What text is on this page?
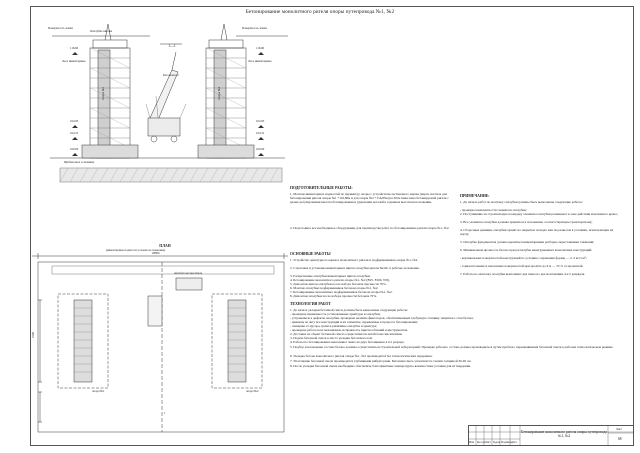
Бетонирование монолитного ригеля опоры путепровода №1, №2
Поверхность земли	Поверхность земли
Опалубка пилона
Леса инвентарные	Леса инвентарные
Бетононасос
1—1
Опора №1	Опора №2
Щебеночное основание
116.60	116.60
104.93	104.93
104.31	104.31
100.00	100.00
ПЛАН
(инвентарные подмости условно не показаны)
Автобетоносмеситель
опора №1	опора №2
1
28000
1000
ПОДГОТОВИТЕЛЬНЫЕ РАБОТЫ:
1. Монтаж инвентарных подмостей по периметру опоры с устройством лестничного марша (марш, настила для бетонирования ригеля опоры №1 +116,60м и для опоры №2 +116,85м (на 30см ниже низа бетонируемой ригеля с целью регулирования высоты бетонирования и удержания деталей в заданном высотном положении.
2. Подготовить все необходимое оборудование для производства работ по бетонированию ригеля опоры №1, №2.
ОСНОВНЫЕ РАБОТЫ
1. Устройство арматурного каркаса монолитного ригеля и подферменников опоры №1, №2.
2. Строповка и установка инвентарных щитов опалубки ригеля 6м КС в рабочее положение.
3. Раскрепление опалубки инвентарных щитов опалубки.
4. Бетонирование монолитного ригеля опоры №1, №2 (В25, F200, W8).
5. Демонтаж щитов опалубки после набора бетоном прочности 70%.
6. Монтаж опалубки подферменников бетоном опоры №1, №2.
7. Бетонирование монолитных подферменников бетоном опоры №1, №2.
8. Демонтаж опалубки после набора прочности бетоном 70%.
ТЕХНОЛОГИЯ РАБОТ
1. До начала укладки бетонной смеси должны быть выполнены следующие работы:
- проверена правильность установленных арматуры и опалубки;
- устранены все дефекты опалубки, проверена наличие фиксаторов, обеспечивающих требуемую толщину защитного слоя бетона;
- приняты по акту все конструкции и их элементы, скрываемые в процессе бетонирования;
- очищены от мусора, грязи и ржавчины опалубка и арматура;
- проверена работа всех механизмов, исправность приспособлений и инструментов.
2. Доставка на объект бетонной смеси осуществляется автобетоносмесителями.
3. Подача бетонной смеси в место укладки бетононасосом.
4. Работы по бетонированию выполняют звено из двух бетонщиков 4 и 2 разряда.
5. Подбор и назначение состава бетона должны осуществляться строительной лабораторией. Проверка рабочего состава должна производиться путем пробного перемешивания бетонной смеси в рабочем технологическом режиме.
6. Укладка бетона монолитного ригеля опоры №1, №2 производится без технологических перерывов.
7. Уплотнение бетонной смеси производится глубинными вибраторами. Бетонная смесь уплотняется слоями толщиной 30-40 см.
8. После укладки бетонной смеси необходимо обеспечить благоприятные температурно-влажностные условия для её твердения.
ПРИМЕЧАНИЕ:
1. До начала работ по монтажу опалубки должны быть выполнены следующие работы:
- проверка комплектности элементов опалубки;
2. Поступившие на строительную площадку элементы опалубки размещают в зоне действия монтажного крана;
3. Все элементы опалубки должны храниться в положении, соответствующем транспортному;
4. Сборочные единицы опалубки хранят на закрытых складах или под навесом в условиях, исключающих их порчу;
5. Опалубка фундаментов должна крепиться инвентарными разборно-переставными стяжками;
6. Минимальная прочность бетона при распалубке ненагруженных монолитных конструкций:
- вертикальных поверхностей конструкций по условию сохранения формы — 2–3 кгс/см²;
- горизонтальных и наклонных поверхностей при пролёте до 6 м — 70 % от проектной.
7. Работы по монтажу опалубки выполняют два звена по два монтажника 4 и 2 разрядов.
Бетонирование монолитного ригеля опоры путепровода №1, №2
Изм Кол.уч Лист №док Подпись Дата
Лист
68
